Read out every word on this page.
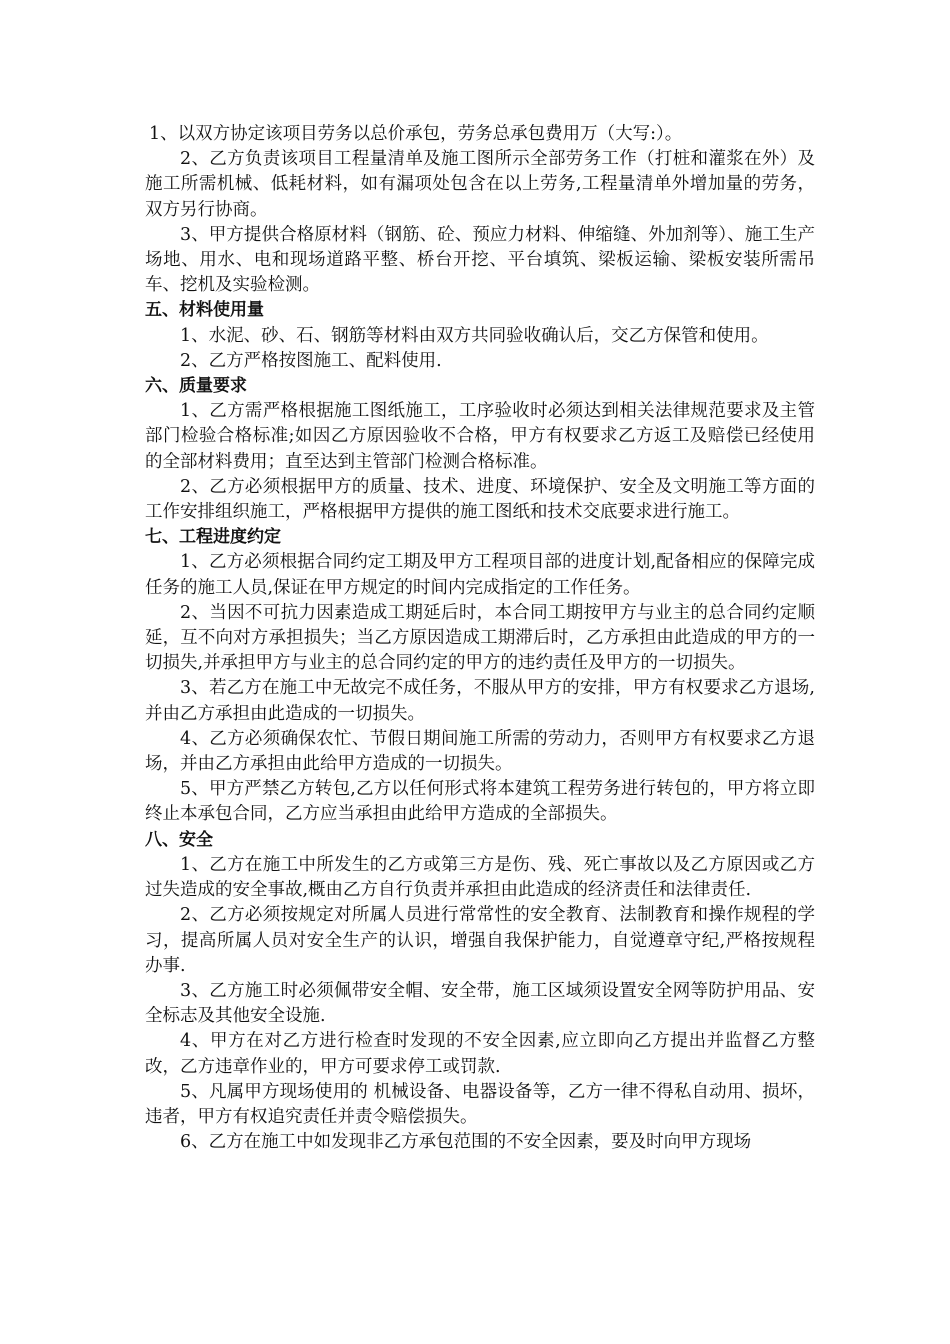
1、以双方协定该项目劳务以总价承包，劳务总承包费用万（大写:）。

2、乙方负责该项目工程量清单及施工图所示全部劳务工作（打桩和灌浆在外）及施工所需机械、低耗材料，如有漏项处包含在以上劳务,工程量清单外增加量的劳务，双方另行协商。

3、甲方提供合格原材料（钢筋、砼、预应力材料、伸缩缝、外加剂等）、施工生产场地、用水、电和现场道路平整、桥台开挖、平台填筑、梁板运输、梁板安装所需吊车、挖机及实验检测。

五、材料使用量

1、水泥、砂、石、钢筋等材料由双方共同验收确认后，交乙方保管和使用。

2、乙方严格按图施工、配料使用.

六、质量要求

1、乙方需严格根据施工图纸施工，工序验收时必须达到相关法律规范要求及主管部门检验合格标准;如因乙方原因验收不合格，甲方有权要求乙方返工及赔偿已经使用的全部材料费用；直至达到主管部门检测合格标准。

2、乙方必须根据甲方的质量、技术、进度、环境保护、安全及文明施工等方面的工作安排组织施工，严格根据甲方提供的施工图纸和技术交底要求进行施工。

七、工程进度约定

1、乙方必须根据合同约定工期及甲方工程项目部的进度计划,配备相应的保障完成任务的施工人员,保证在甲方规定的时间内完成指定的工作任务。

2、当因不可抗力因素造成工期延后时，本合同工期按甲方与业主的总合同约定顺延，互不向对方承担损失；当乙方原因造成工期滞后时，乙方承担由此造成的甲方的一切损失,并承担甲方与业主的总合同约定的甲方的违约责任及甲方的一切损失。

3、若乙方在施工中无故完不成任务，不服从甲方的安排，甲方有权要求乙方退场,并由乙方承担由此造成的一切损失。

4、乙方必须确保农忙、节假日期间施工所需的劳动力，否则甲方有权要求乙方退场，并由乙方承担由此给甲方造成的一切损失。

5、甲方严禁乙方转包,乙方以任何形式将本建筑工程劳务进行转包的，甲方将立即终止本承包合同，乙方应当承担由此给甲方造成的全部损失。

八、安全

1、乙方在施工中所发生的乙方或第三方是伤、残、死亡事故以及乙方原因或乙方过失造成的安全事故,概由乙方自行负责并承担由此造成的经济责任和法律责任.

2、乙方必须按规定对所属人员进行常常性的安全教育、法制教育和操作规程的学习，提高所属人员对安全生产的认识，增强自我保护能力，自觉遵章守纪,严格按规程办事.

3、乙方施工时必须佩带安全帽、安全带，施工区域须设置安全网等防护用品、安全标志及其他安全设施.

4、甲方在对乙方进行检查时发现的不安全因素,应立即向乙方提出并监督乙方整改，乙方违章作业的，甲方可要求停工或罚款.

5、凡属甲方现场使用的 机械设备、电器设备等，乙方一律不得私自动用、损坏，违者，甲方有权追究责任并责令赔偿损失。

6、乙方在施工中如发现非乙方承包范围的不安全因素，要及时向甲方现场
